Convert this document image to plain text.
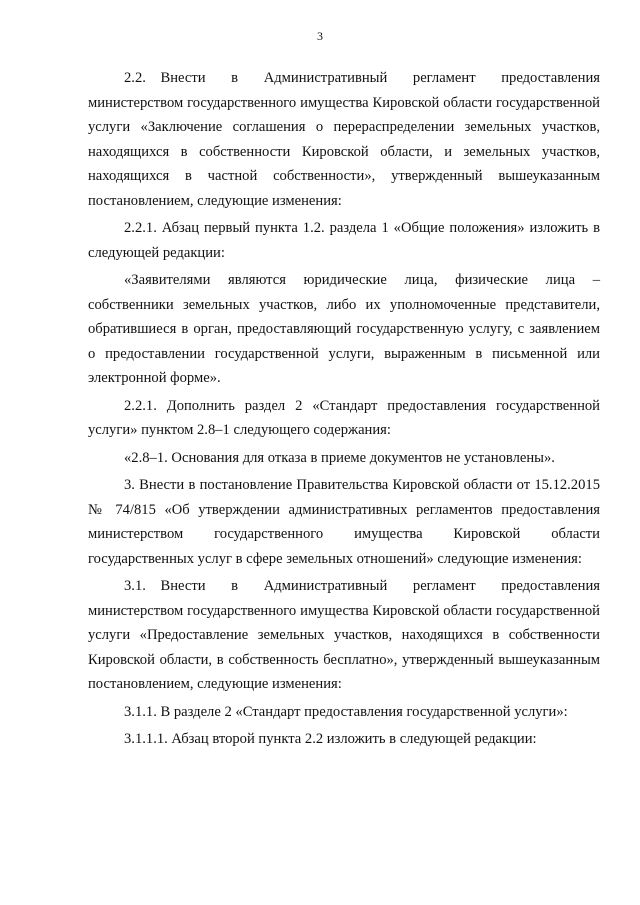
3

2.2. Внести в Административный регламент предоставления министерством государственного имущества Кировской области государственной услуги «Заключение соглашения о перераспределении земельных участков, находящихся в собственности Кировской области, и земельных участков, находящихся в частной собственности», утвержденный вышеуказанным постановлением, следующие изменения:

2.2.1. Абзац первый пункта 1.2. раздела 1 «Общие положения» изложить в следующей редакции:

«Заявителями являются юридические лица, физические лица – собственники земельных участков, либо их уполномоченные представители, обратившиеся в орган, предоставляющий государственную услугу, с заявлением о предоставлении государственной услуги, выраженным в письменной или электронной форме».

2.2.1. Дополнить раздел 2 «Стандарт предоставления государственной услуги» пунктом 2.8–1 следующего содержания:

«2.8–1. Основания для отказа в приеме документов не установлены».

3. Внести в постановление Правительства Кировской области от 15.12.2015 № 74/815 «Об утверждении административных регламентов предоставления министерством государственного имущества Кировской области государственных услуг в сфере земельных отношений» следующие изменения:

3.1. Внести в Административный регламент предоставления министерством государственного имущества Кировской области государственной услуги «Предоставление земельных участков, находящихся в собственности Кировской области, в собственность бесплатно», утвержденный вышеуказанным постановлением, следующие изменения:

3.1.1. В разделе 2 «Стандарт предоставления государственной услуги»:

3.1.1.1. Абзац второй пункта 2.2 изложить в следующей редакции:
